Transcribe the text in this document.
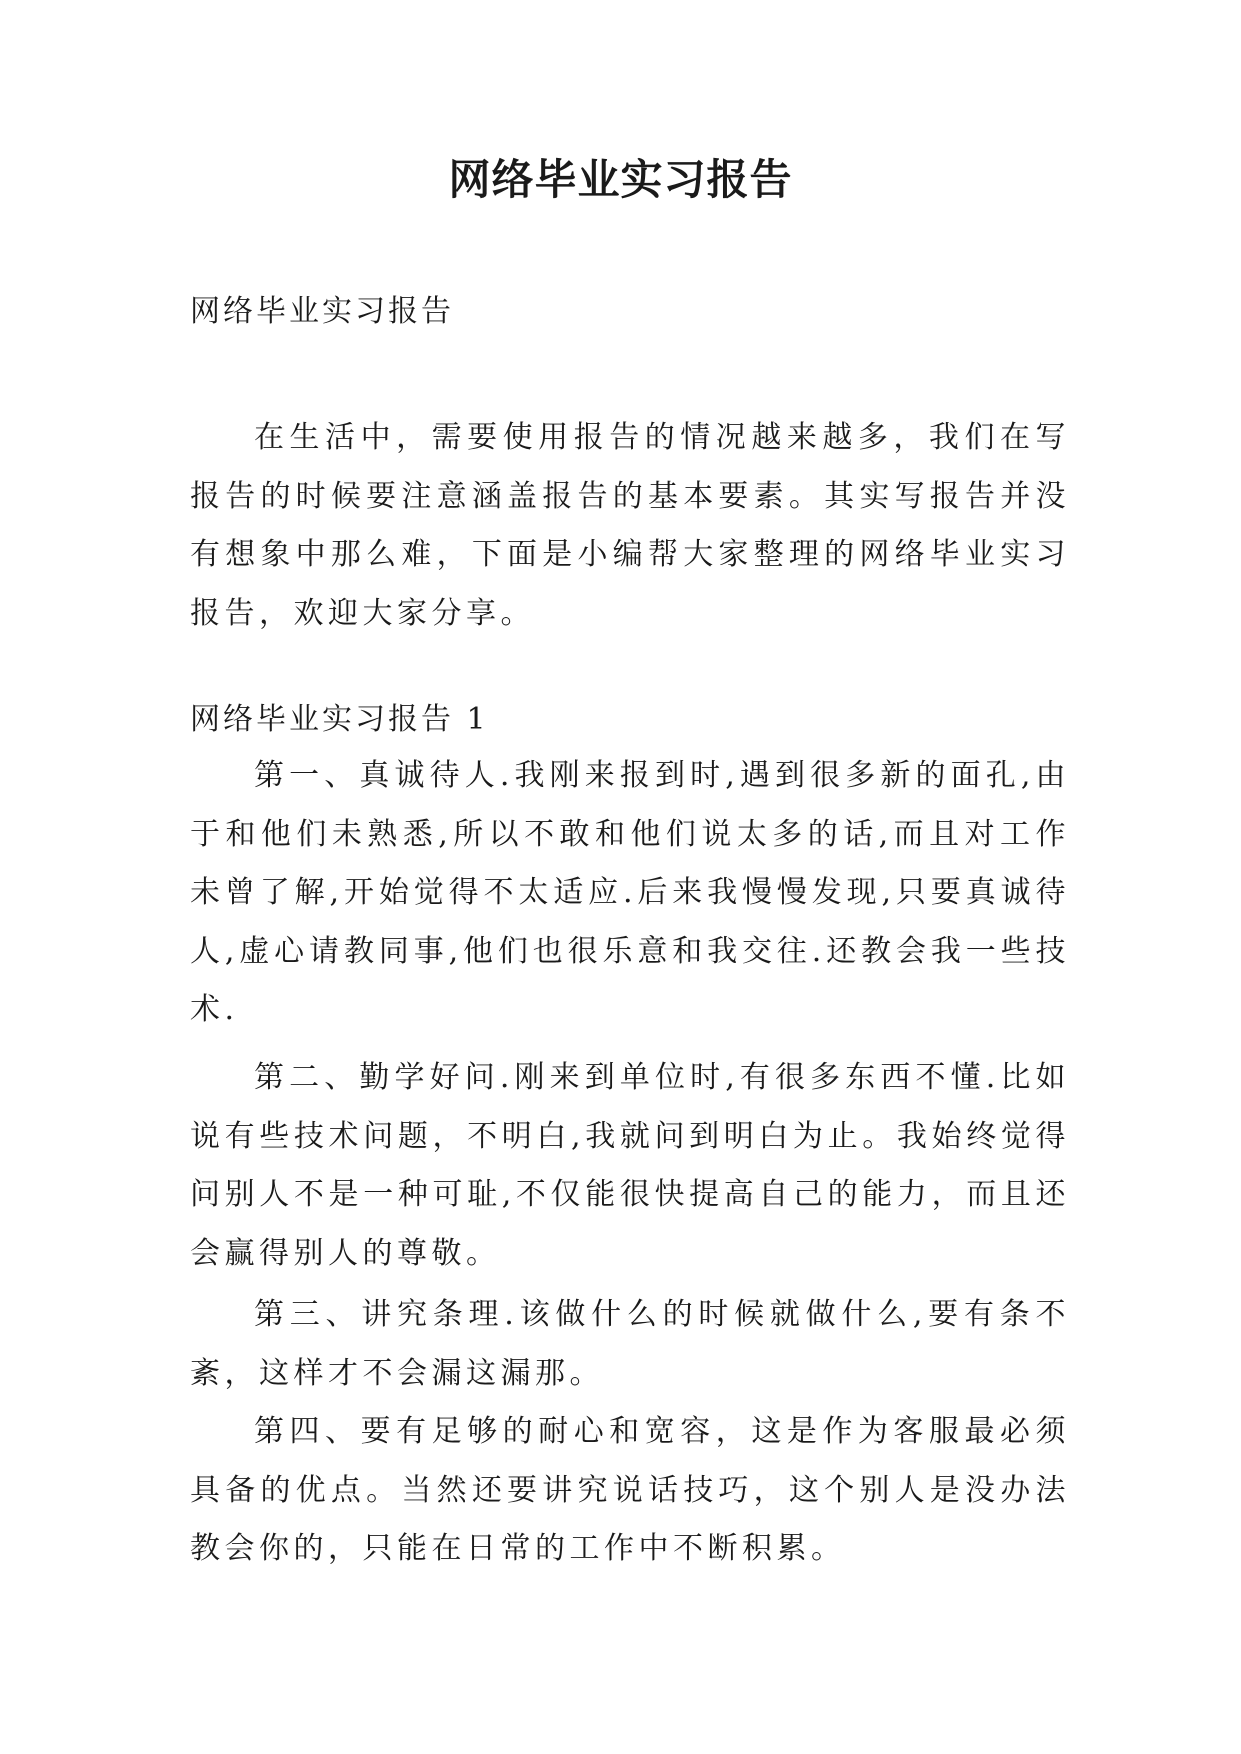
网络毕业实习报告

网络毕业实习报告

在生活中，需要使用报告的情况越来越多，我们在写报告的时候要注意涵盖报告的基本要素。其实写报告并没有想象中那么难，下面是小编帮大家整理的网络毕业实习报告，欢迎大家分享。

网络毕业实习报告 1

第一、真诚待人.我刚来报到时,遇到很多新的面孔,由于和他们未熟悉,所以不敢和他们说太多的话,而且对工作未曾了解,开始觉得不太适应.后来我慢慢发现,只要真诚待人,虚心请教同事,他们也很乐意和我交往.还教会我一些技术.

第二、勤学好问.刚来到单位时,有很多东西不懂.比如说有些技术问题，不明白,我就问到明白为止。我始终觉得问别人不是一种可耻,不仅能很快提高自己的能力，而且还会赢得别人的尊敬。

第三、讲究条理.该做什么的时候就做什么,要有条不紊，这样才不会漏这漏那。

第四、要有足够的耐心和宽容，这是作为客服最必须具备的优点。当然还要讲究说话技巧，这个别人是没办法教会你的，只能在日常的工作中不断积累。
